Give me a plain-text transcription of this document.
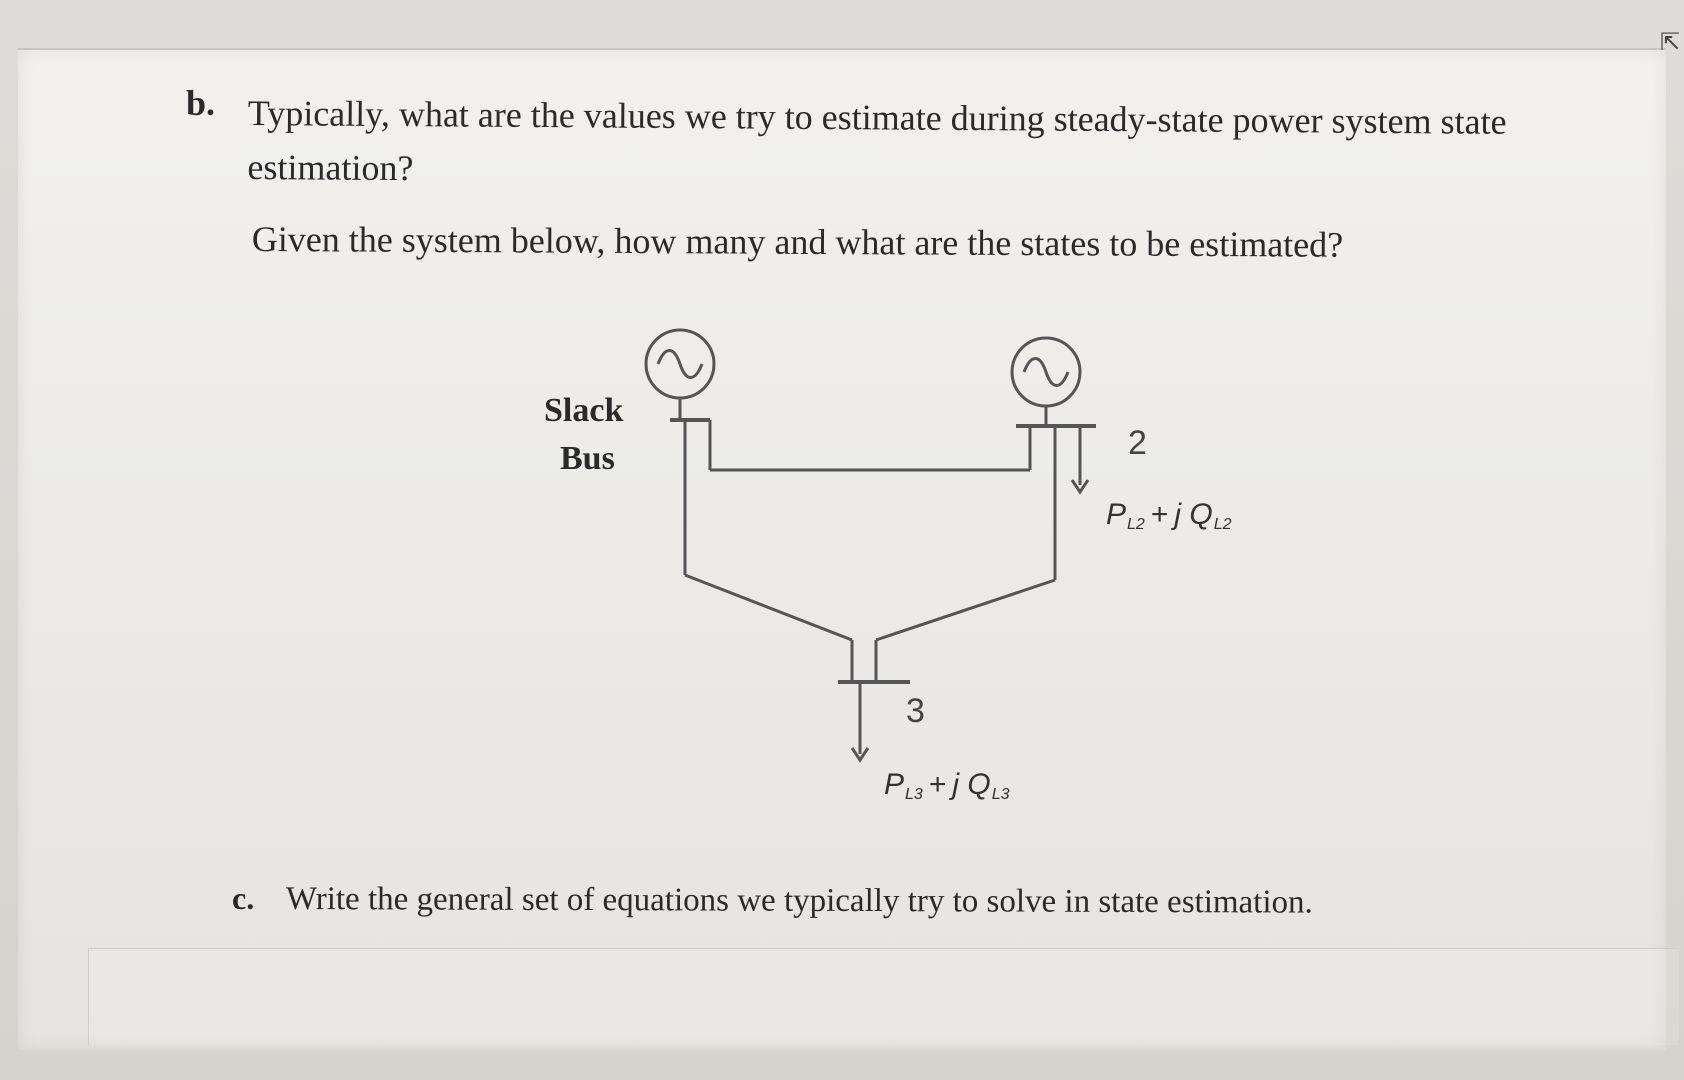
⇱
b. Typically, what are the values we try to estimate during steady-state power system state estimation?
Given the system below, how many and what are the states to be estimated?
Slack
Bus	2
3
$P_{L2} + j$ $Q_{L2}$
$P_{L3} + j$ $Q_{L3}$
c. Write the general set of equations we typically try to solve in state estimation.
